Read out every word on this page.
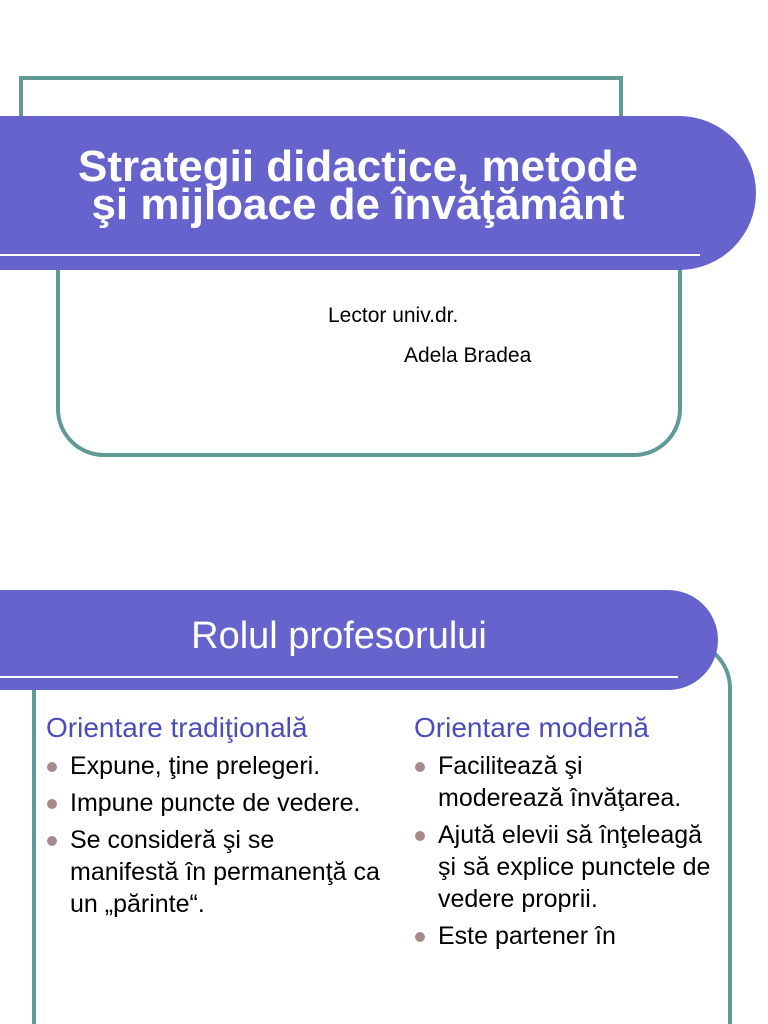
Strategii didactice, metode
şi mijloace de învăţământ
Lector univ.dr.
Adela Bradea
Rolul profesorului
Orientare tradiţională
Expune, ţine prelegeri.
Impune puncte de vedere.
Se consideră şi se manifestă în permanenţă ca un „părinte“.
Orientare modernă
Facilitează şi moderează învăţarea.
Ajută elevii să înţeleagă şi să explice punctele de vedere proprii.
Este partener în
